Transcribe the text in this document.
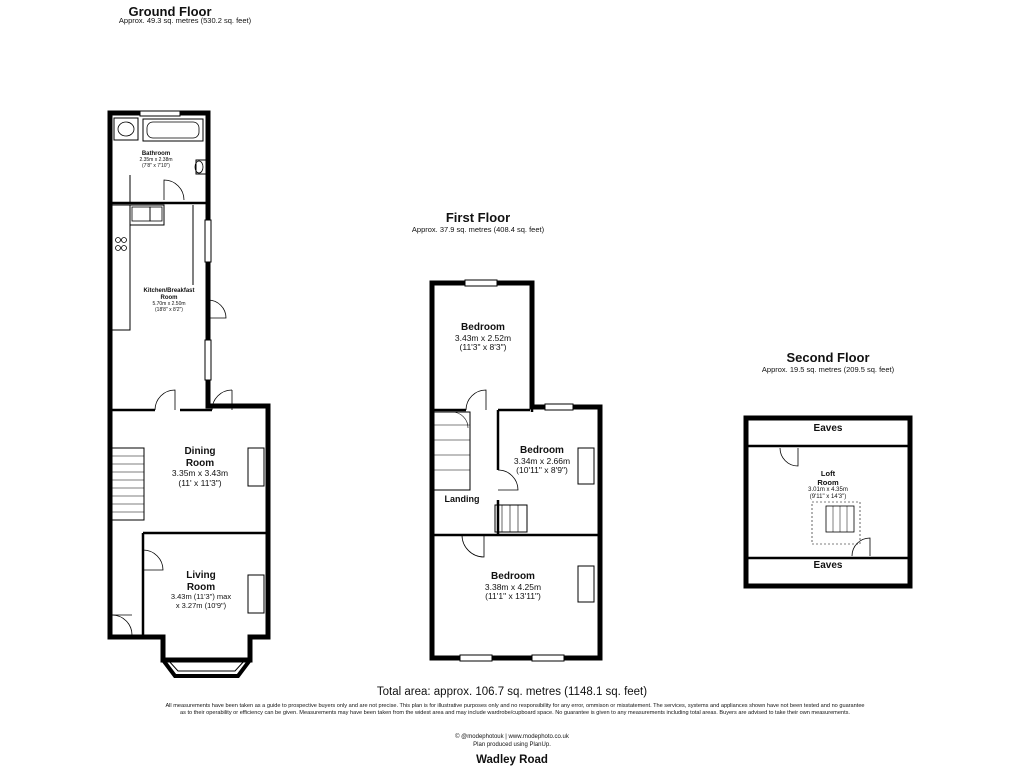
Ground Floor
Approx. 49.3 sq. metres (530.2 sq. feet)
Bathroom
2.35m x 2.38m
(7'8" x 7'10")
Kitchen/Breakfast Room
5.70m x 2.50m
(18'8" x 8'2")
Dining Room
3.35m x 3.43m
(11' x 11'3")
Living Room
3.43m (11'3") max
x 3.27m (10'9")
First Floor
Approx. 37.9 sq. metres (408.4 sq. feet)
Bedroom
3.43m x 2.52m
(11'3" x 8'3")
Bedroom
3.34m x 2.66m
(10'11" x 8'9")
Landing
Bedroom
3.38m x 4.25m
(11'1" x 13'11")
Second Floor
Approx. 19.5 sq. metres (209.5 sq. feet)
Eaves
Loft Room
3.01m x 4.35m
(9'11" x 14'3")
Eaves
Total area: approx. 106.7 sq. metres (1148.1 sq. feet)
All measurements have been taken as a guide to prospective buyers only and are not precise. This plan is for illustrative purposes only and no responsibility for any error, ommison or misstatement. The services, systems and appliances shown have not been tested and no guarantee as to their operability or efficiency can be given. Measurements may have been taken from the widest area and may include wardrobe/cupboard space. No guarantee is given to any measurements including total areas. Buyers are advised to take their own measurements.
© @modephotouk | www.modephoto.co.uk
Plan produced using PlanUp.
Wadley Road
